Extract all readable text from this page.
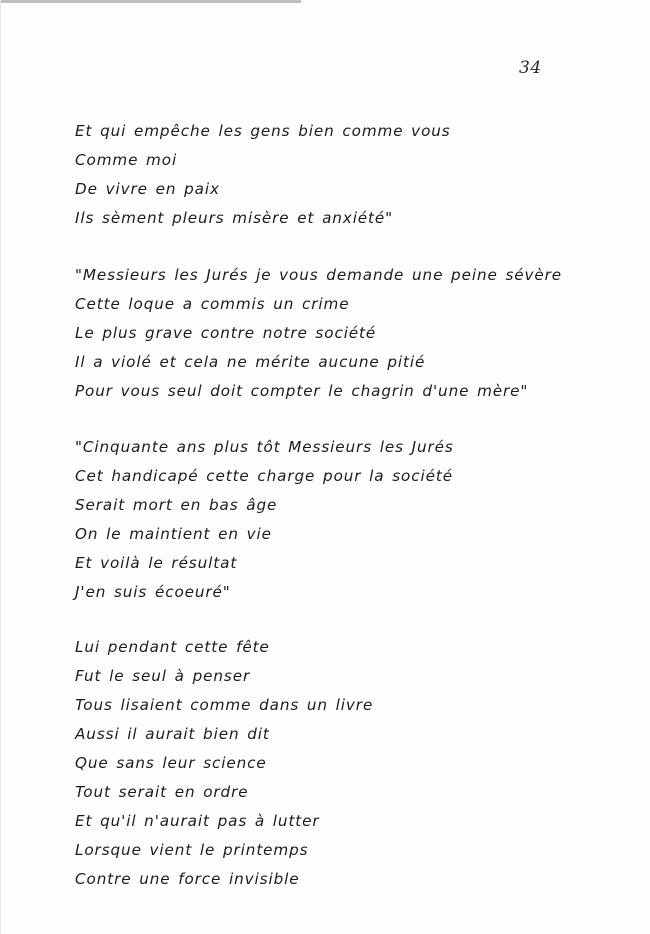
34
Et qui empêche les gens bien comme vous
Comme moi
De vivre en paix
Ils sèment pleurs misère et anxiété"
"Messieurs les Jurés je vous demande une peine sévère
Cette loque a commis un crime
Le plus grave contre notre société
Il a violé et cela ne mérite aucune pitié
Pour vous seul doit compter le chagrin d'une mère"
"Cinquante ans plus tôt Messieurs les Jurés
Cet handicapé cette charge pour la société
Serait mort en bas âge
On le maintient en vie
Et voilà le résultat
J'en suis écoeuré"
Lui pendant cette fête
Fut le seul à penser
Tous lisaient comme dans un livre
Aussi il aurait bien dit
Que sans leur science
Tout serait en ordre
Et qu'il n'aurait pas à lutter
Lorsque vient le printemps
Contre une force invisible
